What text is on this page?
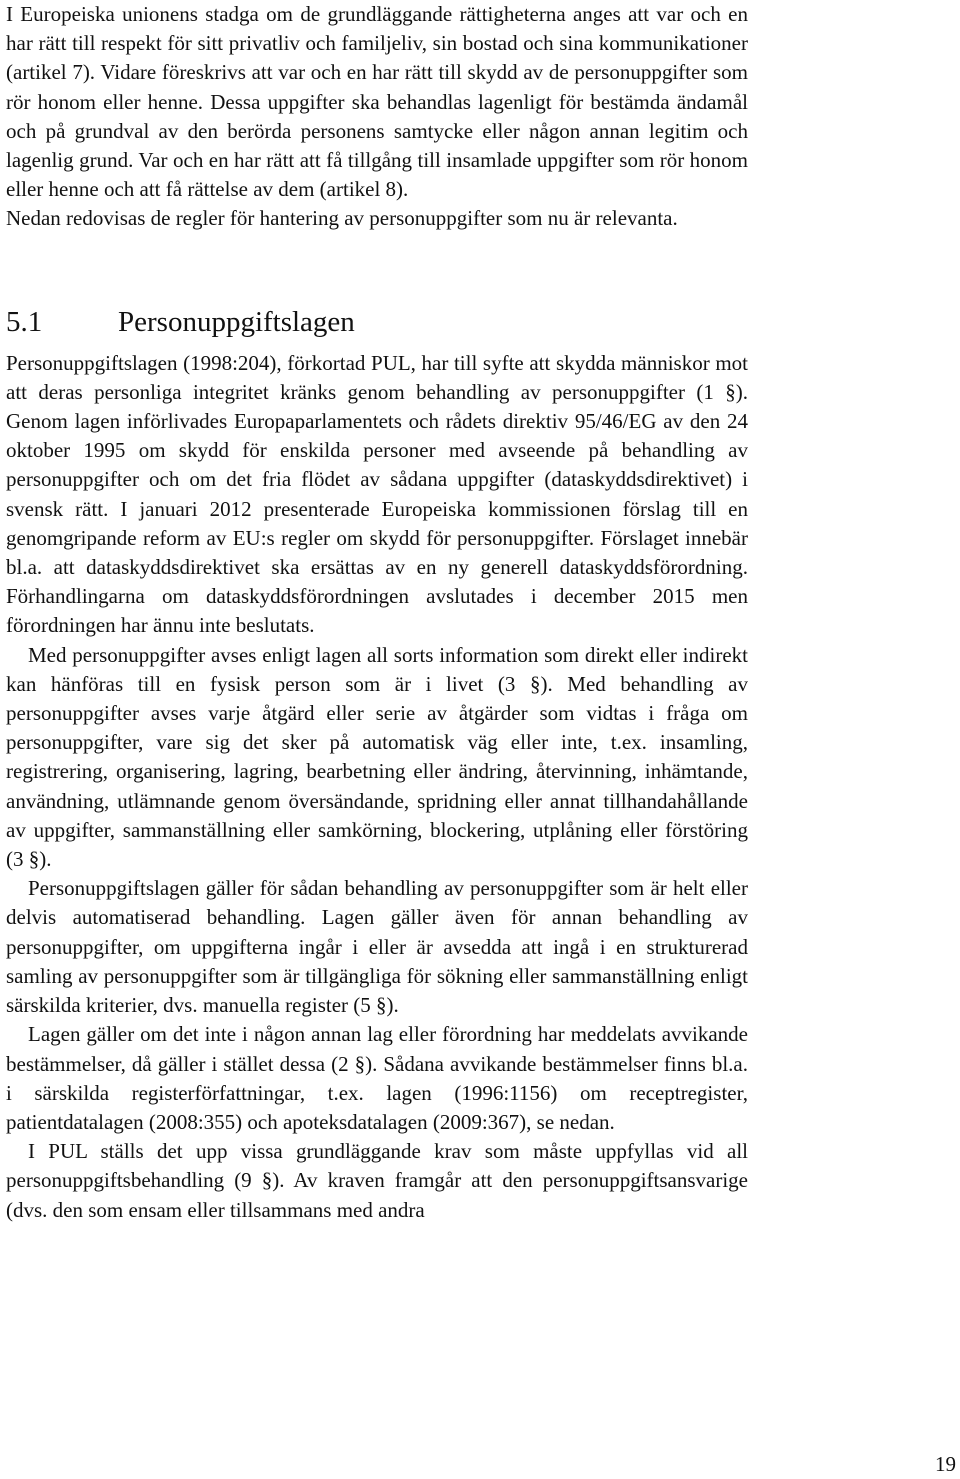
I Europeiska unionens stadga om de grundläggande rättigheterna anges att var och en har rätt till respekt för sitt privatliv och familjeliv, sin bostad och sina kommunikationer (artikel 7). Vidare föreskrivs att var och en har rätt till skydd av de personuppgifter som rör honom eller henne. Dessa uppgifter ska behandlas lagenligt för bestämda ändamål och på grundval av den berörda personens samtycke eller någon annan legitim och lagenlig grund. Var och en har rätt att få tillgång till insamlade uppgifter som rör honom eller henne och att få rättelse av dem (artikel 8).

Nedan redovisas de regler för hantering av personuppgifter som nu är relevanta.

5.1	Personuppgiftslagen

Personuppgiftslagen (1998:204), förkortad PUL, har till syfte att skydda människor mot att deras personliga integritet kränks genom behandling av personuppgifter (1 §). Genom lagen införlivades Europaparlamentets och rådets direktiv 95/46/EG av den 24 oktober 1995 om skydd för enskilda personer med avseende på behandling av personuppgifter och om det fria flödet av sådana uppgifter (dataskyddsdirektivet) i svensk rätt. I januari 2012 presenterade Europeiska kommissionen förslag till en genomgripande reform av EU:s regler om skydd för personuppgifter. Förslaget innebär bl.a. att dataskyddsdirektivet ska ersättas av en ny generell dataskyddsförordning. Förhandlingarna om dataskyddsförordningen avslutades i december 2015 men förordningen har ännu inte beslutats.

Med personuppgifter avses enligt lagen all sorts information som direkt eller indirekt kan hänföras till en fysisk person som är i livet (3 §). Med behandling av personuppgifter avses varje åtgärd eller serie av åtgärder som vidtas i fråga om personuppgifter, vare sig det sker på automatisk väg eller inte, t.ex. insamling, registrering, organisering, lagring, bearbetning eller ändring, återvinning, inhämtande, användning, utlämnande genom översändande, spridning eller annat tillhandahållande av uppgifter, sammanställning eller samkörning, blockering, utplåning eller förstöring (3 §).

Personuppgiftslagen gäller för sådan behandling av personuppgifter som är helt eller delvis automatiserad behandling. Lagen gäller även för annan behandling av personuppgifter, om uppgifterna ingår i eller är avsedda att ingå i en strukturerad samling av personuppgifter som är tillgängliga för sökning eller sammanställning enligt särskilda kriterier, dvs. manuella register (5 §).

Lagen gäller om det inte i någon annan lag eller förordning har meddelats avvikande bestämmelser, då gäller i stället dessa (2 §). Sådana avvikande bestämmelser finns bl.a. i särskilda registerförfattningar, t.ex. lagen (1996:1156) om receptregister, patientdatalagen (2008:355) och apoteksdatalagen (2009:367), se nedan.

I PUL ställs det upp vissa grundläggande krav som måste uppfyllas vid all personuppgiftsbehandling (9 §). Av kraven framgår att den personuppgiftsansvarige (dvs. den som ensam eller tillsammans med andra

19
